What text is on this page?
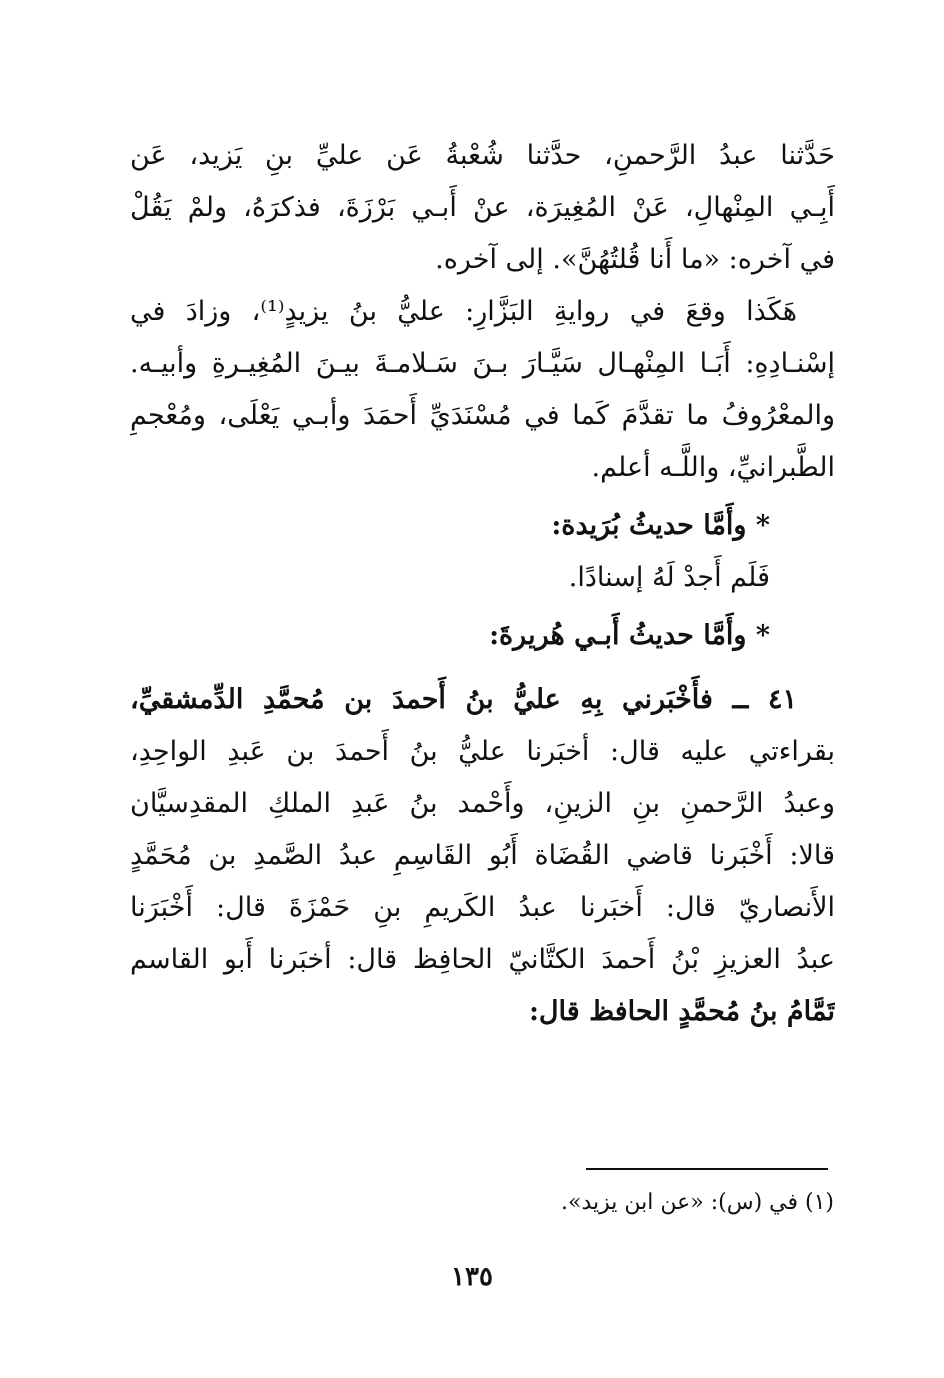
حَدَّثنا عبدُ الرَّحمنِ، حدَّثنا شُعْبةُ عَن عليِّ بنِ يَزيد، عَن
أَبِـي المِنْهالِ، عَنْ المُغِيرَة، عنْ أَبـي بَرْزَةَ، فذكرَهُ، ولمْ يَقُلْ
في آخره: «ما أَنا قُلتُهُنَّ». إلى آخره.
هَكَذا وقعَ في روايةِ البَزَّارِ: عليُّ بنُ يزيدٍ⁽¹⁾، وزادَ في
إسْنـادِهِ: أَبَـا المِنْهـال سَيَّـارَ بـنَ سَـلامـةَ بيـنَ المُغِيـرةِ وأبيـه.
والمعْرُوفُ ما تقدَّمَ كَما في مُسْنَدَيِّ أَحمَدَ وأبـي يَعْلَى، ومُعْجمِ
الطَّبرانيِّ، واللَّـه أعلم.
* وأَمَّا حديثُ بُرَيدة:
فَلَم أَجدْ لَهُ إسنادًا.
* وأَمَّا حديثُ أَبـي هُريرةَ:
٤١ ــ فأَخْبَرني بِهِ عليُّ بنُ أَحمدَ بن مُحمَّدِ الدِّمشقيِّ،
بقراءتي عليه قال: أخبَرنا عليُّ بنُ أَحمدَ بن عَبدِ الواحِدِ،
وعبدُ الرَّحمنِ بنِ الزينِ، وأَحْمد بنُ عَبدِ الملكِ المقدِسيَّان
قالا: أَخْبَرنا قاضي القُضَاة أَبُو القَاسِمِ عبدُ الصَّمدِ بن مُحَمَّدٍ
الأَنصاريّ قال: أَخبَرنا عبدُ الكَريمِ بنِ حَمْزَةَ قال: أَخْبَرَنا
عبدُ العزيزِ بْنُ أَحمدَ الكتَّانيّ الحافِظ قال: أخبَرنا أَبو القاسم
تَمَّامُ بنُ مُحمَّدٍ الحافظ قال:
(١) في (س): «عن ابن يزيد».
١٣٥
